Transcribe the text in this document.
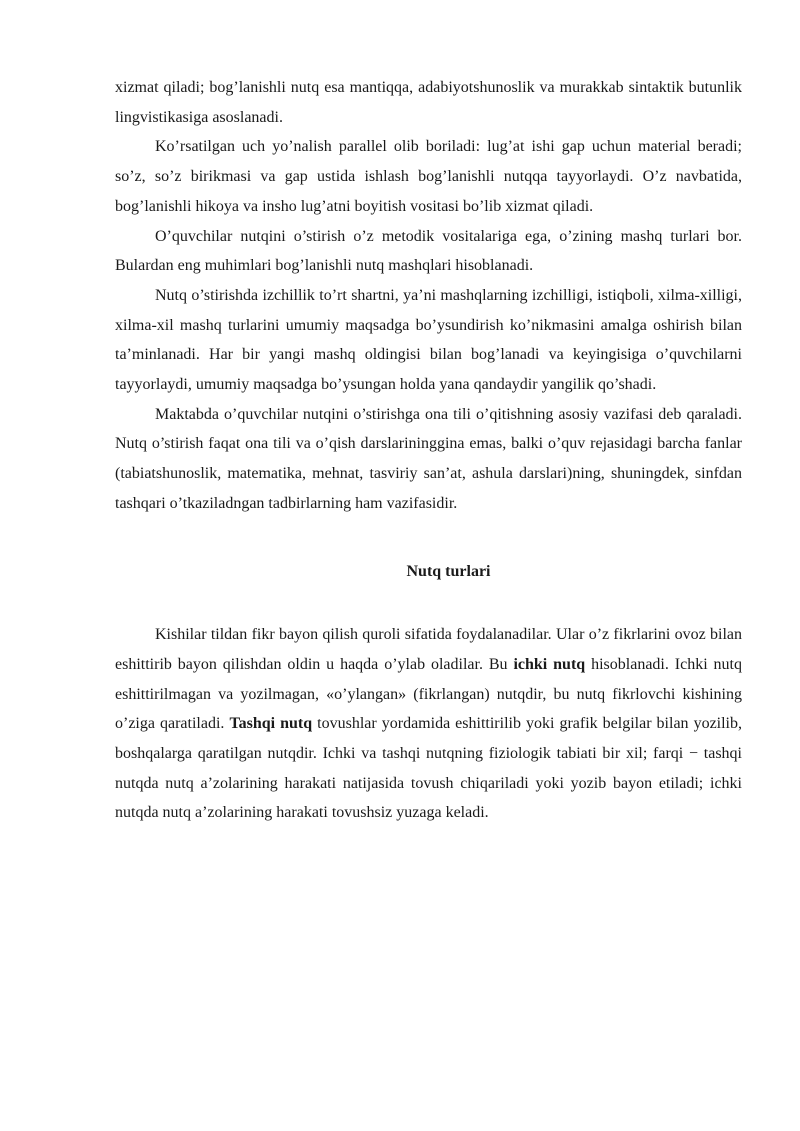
xizmat qiladi; bog’lanishli nutq esa mantiqqa, adabiyotshunoslik va murakkab sintaktik butunlik lingvistikasiga asoslanadi.

Ko’rsatilgan uch yo’nalish parallel olib boriladi: lug’at ishi gap uchun material beradi; so’z, so’z birikmasi va gap ustida ishlash bog’lanishli nutqqa tayyorlaydi. O’z navbatida, bog’lanishli hikoya va insho lug’atni boyitish vositasi bo’lib xizmat qiladi.

O’quvchilar nutqini o’stirish o’z metodik vositalariga ega, o’zining mashq turlari bor. Bulardan eng muhimlari bog’lanishli nutq mashqlari hisoblanadi.

Nutq o’stirishda izchillik to’rt shartni, ya’ni mashqlarning izchilligi, istiqboli, xilma-xilligi, xilma-xil mashq turlarini umumiy maqsadga bo’ysundirish ko’nikmasini amalga oshirish bilan ta’minlanadi. Har bir yangi mashq oldingisi bilan bog’lanadi va keyingisiga o’quvchilarni tayyorlaydi, umumiy maqsadga bo’ysungan holda yana qandaydir yangilik qo’shadi.

Maktabda o’quvchilar nutqini o’stirishga ona tili o’qitishning asosiy vazifasi deb qaraladi. Nutq o’stirish faqat ona tili va o’qish darslarininggina emas, balki o’quv rejasidagi barcha fanlar (tabiatshunoslik, matematika, mehnat, tasviriy san’at, ashula darslari)ning, shuningdek, sinfdan tashqari o’tkaziladngan tadbirlarning ham vazifasidir.

Nutq turlari

Kishilar tildan fikr bayon qilish quroli sifatida foydalanadilar. Ular o’z fikrlarini ovoz bilan eshittirib bayon qilishdan oldin u haqda o’ylab oladilar. Bu ichki nutq hisoblanadi. Ichki nutq eshittirilmagan va yozilmagan, «o’ylangan» (fikrlangan) nutqdir, bu nutq fikrlovchi kishining o’ziga qaratiladi. Tashqi nutq tovushlar yordamida eshittirilib yoki grafik belgilar bilan yozilib, boshqalarga qaratilgan nutqdir. Ichki va tashqi nutqning fiziologik tabiati bir xil; farqi − tashqi nutqda nutq a’zolarining harakati natijasida tovush chiqariladi yoki yozib bayon etiladi; ichki nutqda nutq a’zolarining harakati tovushsiz yuzaga keladi.
